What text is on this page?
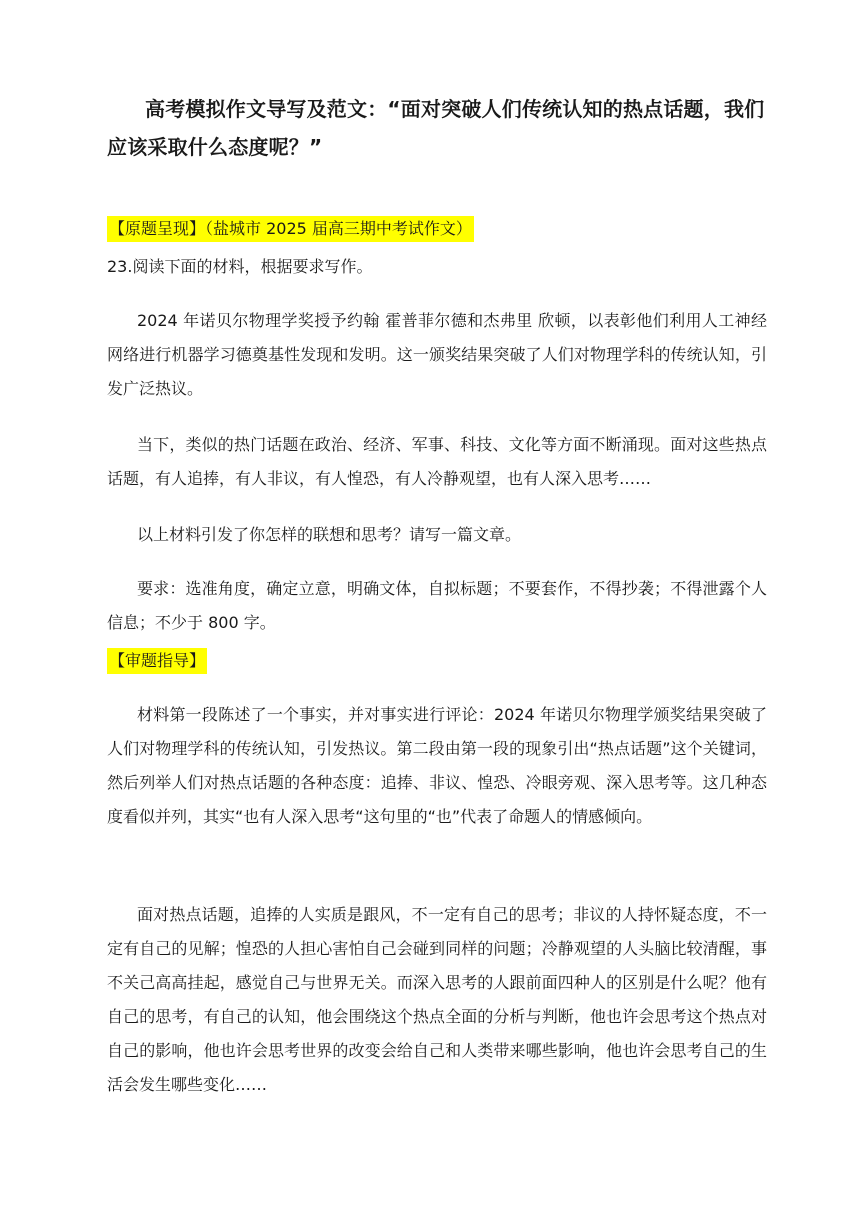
高考模拟作文导写及范文：“面对突破人们传统认知的热点话题，我们应该采取什么态度呢？”
【原题呈现】（盐城市 2025 届高三期中考试作文）

23.阅读下面的材料，根据要求写作。

2024 年诺贝尔物理学奖授予约翰 霍普菲尔德和杰弗里 欣顿，以表彰他们利用人工神经网络进行机器学习德奠基性发现和发明。这一颁奖结果突破了人们对物理学科的传统认知，引发广泛热议。

当下，类似的热门话题在政治、经济、军事、科技、文化等方面不断涌现。面对这些热点话题，有人追捧，有人非议，有人惶恐，有人冷静观望，也有人深入思考……

以上材料引发了你怎样的联想和思考？请写一篇文章。

要求：选准角度，确定立意，明确文体，自拟标题；不要套作，不得抄袭；不得泄露个人信息；不少于 800 字。

【审题指导】

材料第一段陈述了一个事实，并对事实进行评论：2024 年诺贝尔物理学颁奖结果突破了人们对物理学科的传统认知，引发热议。第二段由第一段的现象引出“热点话题”这个关键词，然后列举人们对热点话题的各种态度：追捧、非议、惶恐、冷眼旁观、深入思考等。这几种态度看似并列，其实“也有人深入思考“这句里的“也”代表了命题人的情感倾向。

面对热点话题，追捧的人实质是跟风，不一定有自己的思考；非议的人持怀疑态度，不一定有自己的见解；惶恐的人担心害怕自己会碰到同样的问题；冷静观望的人头脑比较清醒，事不关己高高挂起，感觉自己与世界无关。而深入思考的人跟前面四种人的区别是什么呢？他有自己的思考，有自己的认知，他会围绕这个热点全面的分析与判断，他也许会思考这个热点对自己的影响，他也许会思考世界的改变会给自己和人类带来哪些影响，他也许会思考自己的生活会发生哪些变化……
